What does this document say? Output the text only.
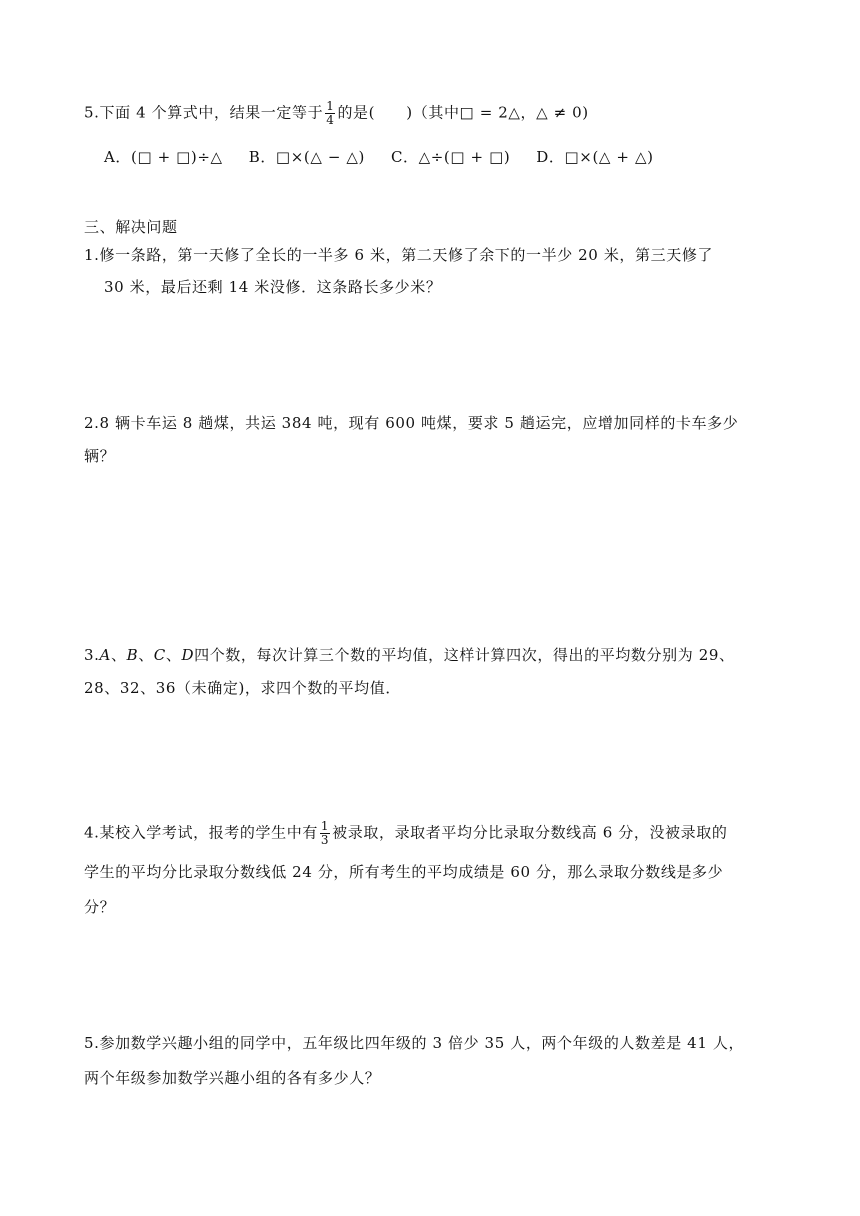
5.下面 4 个算式中，结果一定等于 $\frac{1}{4}$ 的是(　　)（其中□ = 2△，△ ≠ 0)
A．(□ + □)÷△ B．□×(△ − △) C．△÷(□ + □) D．□×(△ + △)
三、解决问题
1.修一条路，第一天修了全长的一半多 6 米，第二天修了余下的一半少 20 米，第三天修了
30 米，最后还剩 14 米没修．这条路长多少米？
2.8 辆卡车运 8 趟煤，共运 384 吨，现有 600 吨煤，要求 5 趟运完，应增加同样的卡车多少
辆？
3.A、B、C、D四个数，每次计算三个数的平均值，这样计算四次，得出的平均数分别为 29、
28、32、36（未确定)，求四个数的平均值．
4.某校入学考试，报考的学生中有 $\frac{1}{3}$ 被录取，录取者平均分比录取分数线高 6 分，没被录取的
学生的平均分比录取分数线低 24 分，所有考生的平均成绩是 60 分，那么录取分数线是多少
分？
5.参加数学兴趣小组的同学中，五年级比四年级的 3 倍少 35 人，两个年级的人数差是 41 人，
两个年级参加数学兴趣小组的各有多少人？
